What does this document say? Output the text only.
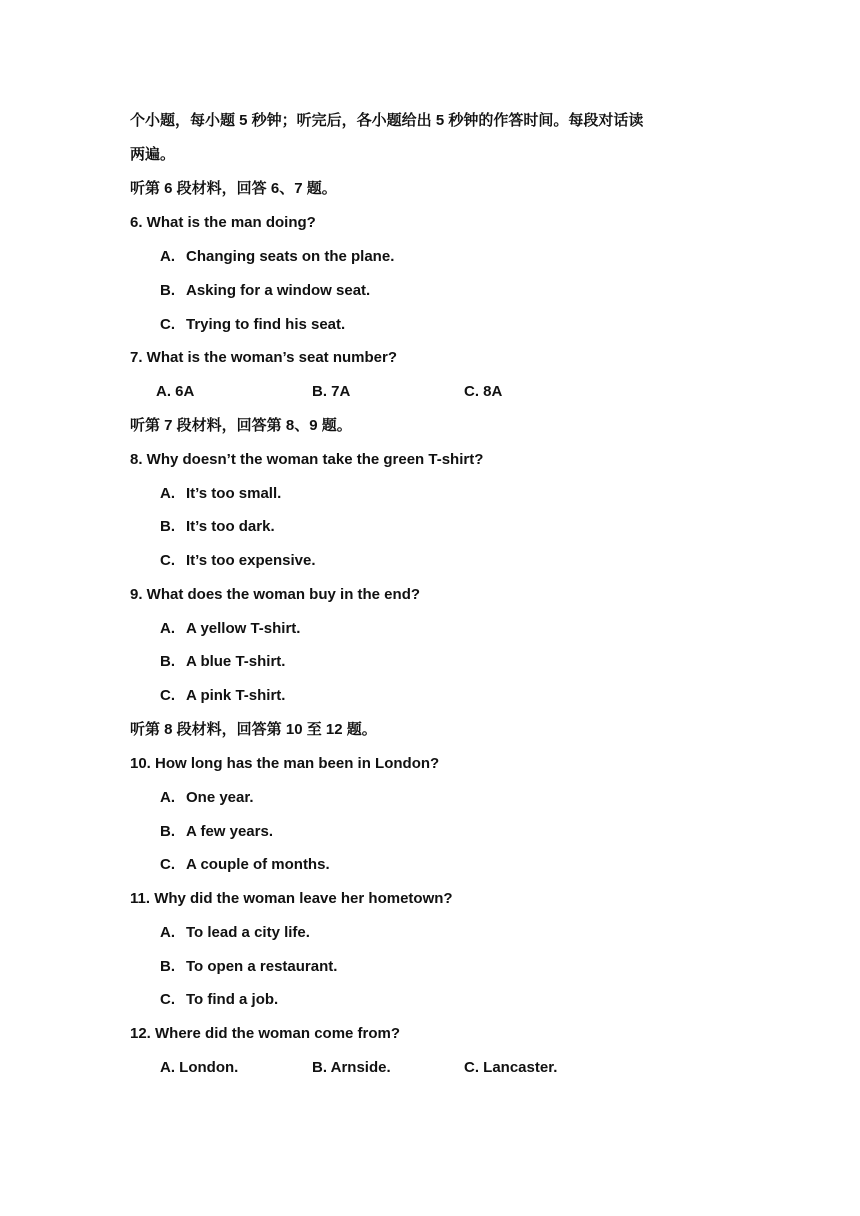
个小题，每小题 5 秒钟；听完后，各小题给出 5 秒钟的作答时间。每段对话读
两遍。
听第 6 段材料，回答 6、7 题。
6. What is the man doing?
A. Changing seats on the plane.
B. Asking for a window seat.
C. Trying to find his seat.
7. What is the woman’s seat number?
A. 6A	B. 7A	C. 8A
听第 7 段材料，回答第 8、9 题。
8. Why doesn’t the woman take the green T-shirt?
A. It’s too small.
B. It’s too dark.
C. It’s too expensive.
9. What does the woman buy in the end?
A. A yellow T-shirt.
B. A blue T-shirt.
C. A pink T-shirt.
听第 8 段材料，回答第 10 至 12 题。
10. How long has the man been in London?
A. One year.
B. A few years.
C. A couple of months.
11. Why did the woman leave her hometown?
A. To lead a city life.
B. To open a restaurant.
C. To find a job.
12. Where did the woman come from?
A. London.	B. Arnside.	C. Lancaster.
